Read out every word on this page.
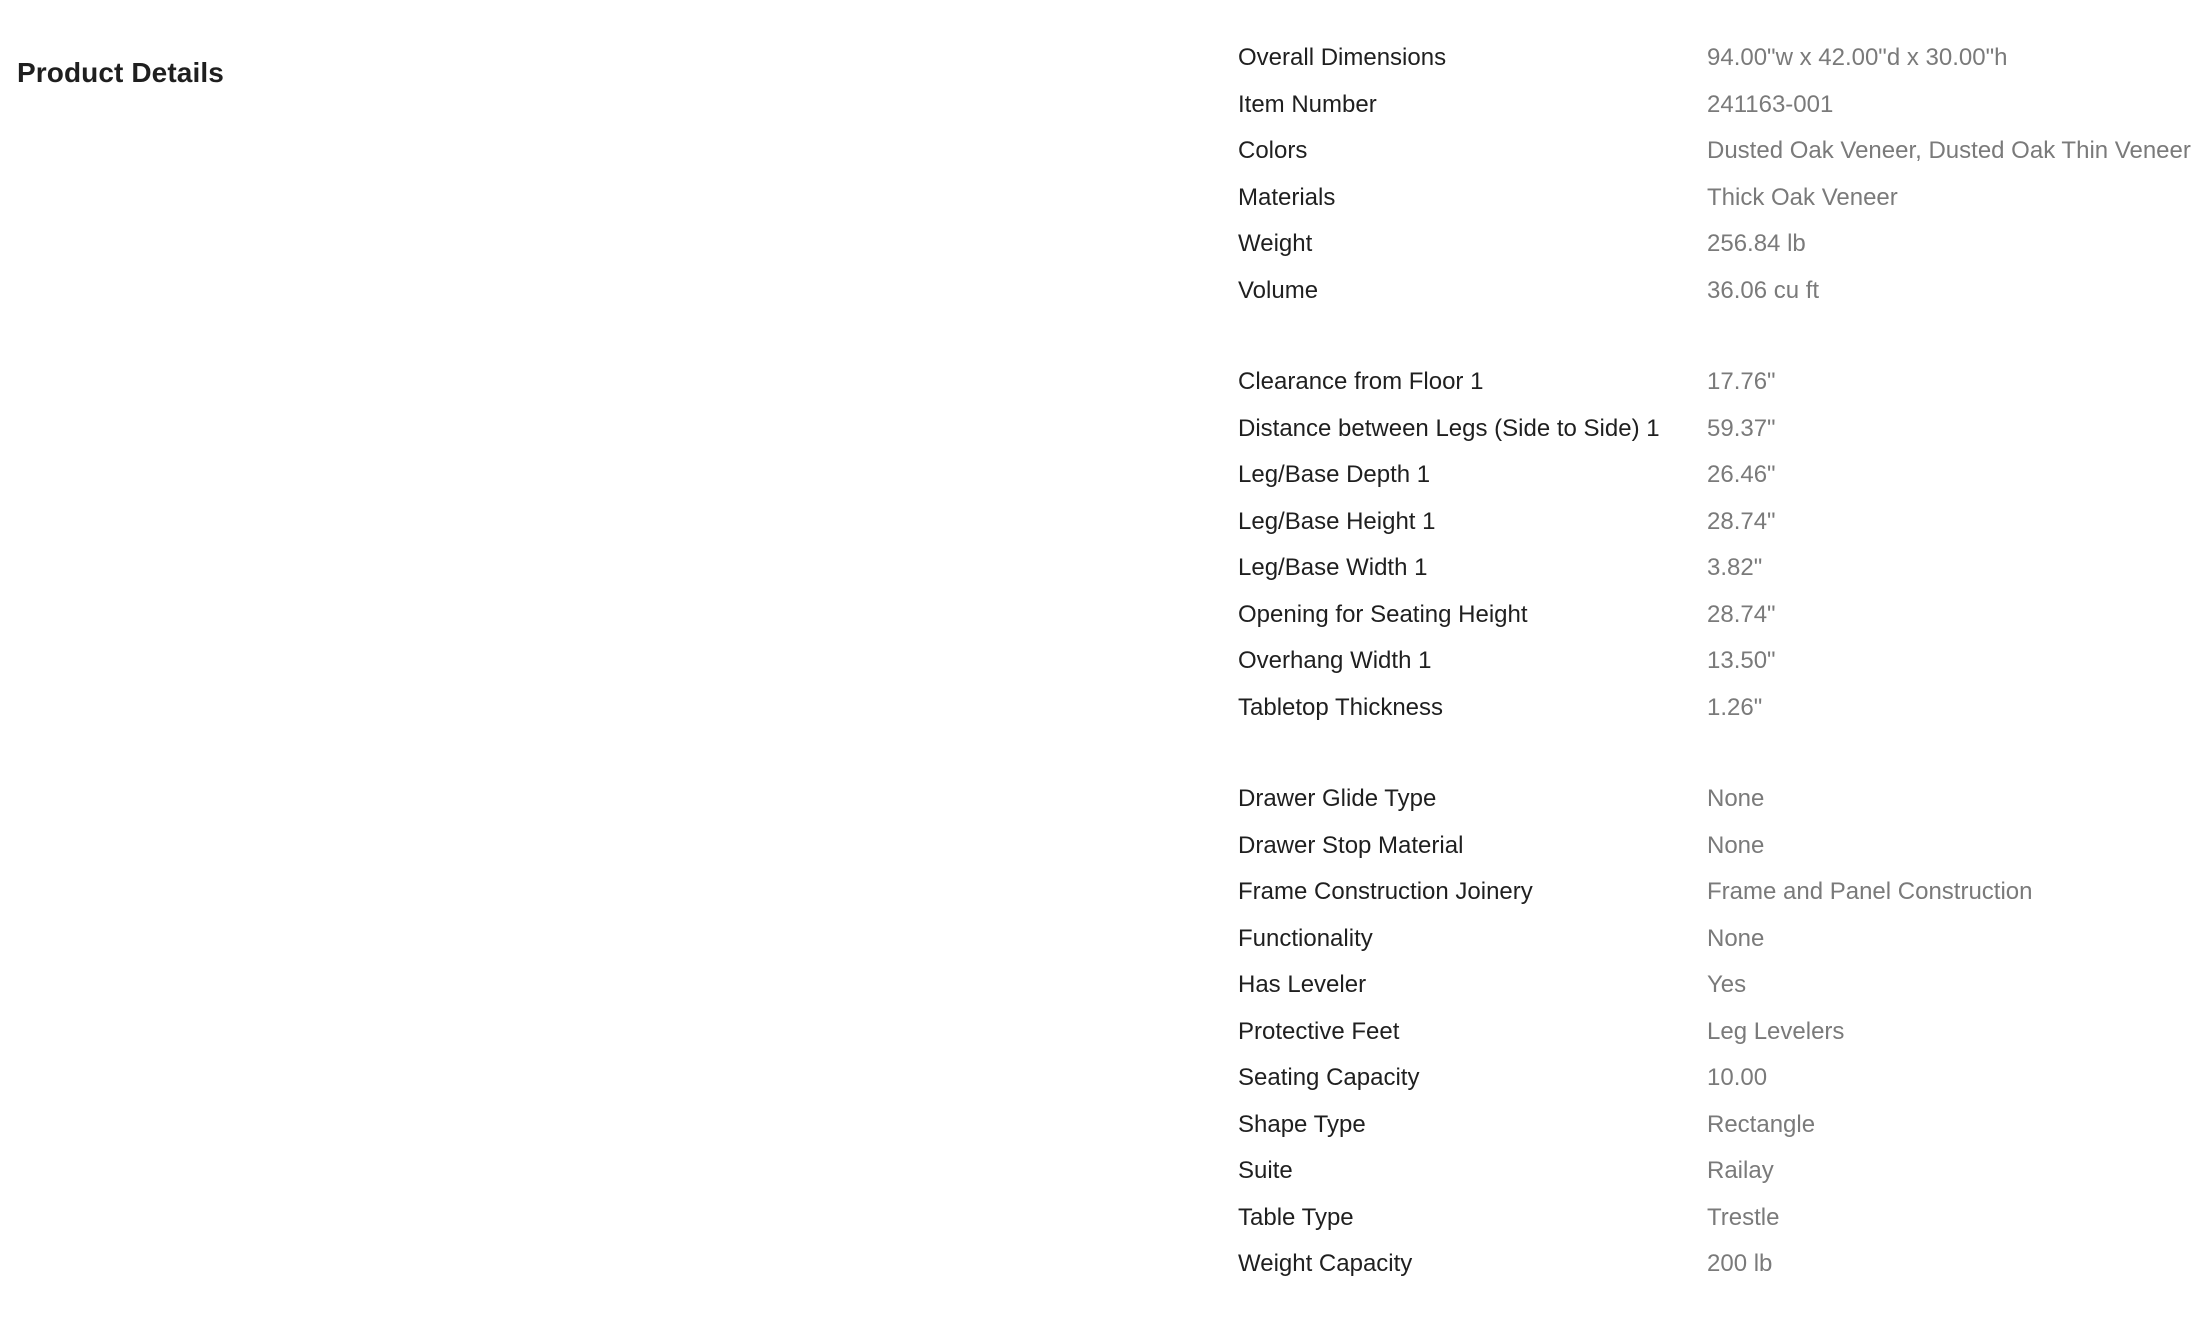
Product Details	Overall Dimensions	94.00"w x 42.00"d x 30.00"h
Item Number	241163-001
Colors	Dusted Oak Veneer, Dusted Oak Thin Veneer
Materials	Thick Oak Veneer
Weight	256.84 lb
Volume	36.06 cu ft
Clearance from Floor 1	17.76"
Distance between Legs (Side to Side) 1	59.37"
Leg/Base Depth 1	26.46"
Leg/Base Height 1	28.74"
Leg/Base Width 1	3.82"
Opening for Seating Height	28.74"
Overhang Width 1	13.50"
Tabletop Thickness	1.26"
Drawer Glide Type	None
Drawer Stop Material	None
Frame Construction Joinery	Frame and Panel Construction
Functionality	None
Has Leveler	Yes
Protective Feet	Leg Levelers
Seating Capacity	10.00
Shape Type	Rectangle
Suite	Railay
Table Type	Trestle
Weight Capacity	200 lb
